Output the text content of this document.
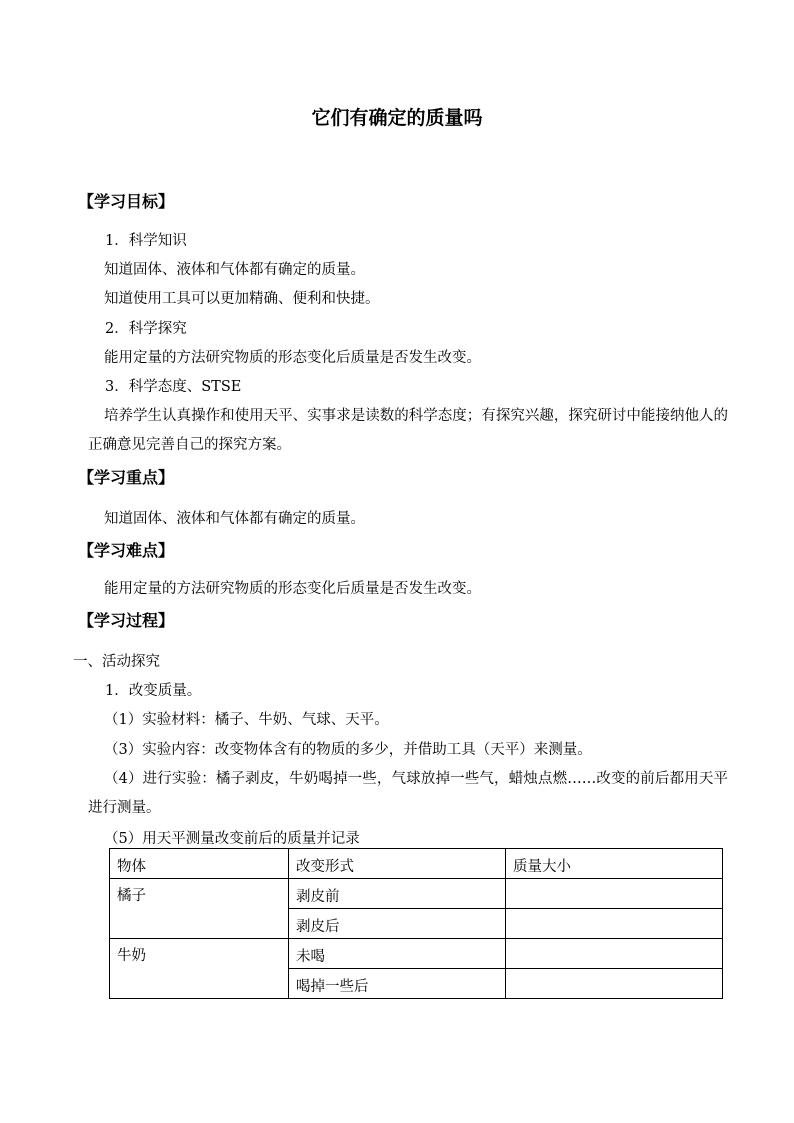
它们有确定的质量吗
【学习目标】
1．科学知识
知道固体、液体和气体都有确定的质量。
知道使用工具可以更加精确、便利和快捷。
2．科学探究
能用定量的方法研究物质的形态变化后质量是否发生改变。
3．科学态度、STSE
培养学生认真操作和使用天平、实事求是读数的科学态度；有探究兴趣，探究研讨中能接纳他人的正确意见完善自己的探究方案。
【学习重点】
知道固体、液体和气体都有确定的质量。
【学习难点】
能用定量的方法研究物质的形态变化后质量是否发生改变。
【学习过程】
一、活动探究
1．改变质量。
（1）实验材料：橘子、牛奶、气球、天平。
（3）实验内容：改变物体含有的物质的多少，并借助工具（天平）来测量。
（4）进行实验：橘子剥皮，牛奶喝掉一些，气球放掉一些气，蜡烛点燃……改变的前后都用天平进行测量。
（5）用天平测量改变前后的质量并记录
物体	改变形式	质量大小
橘子	剥皮前	
	剥皮后	
牛奶	未喝	
	喝掉一些后	
